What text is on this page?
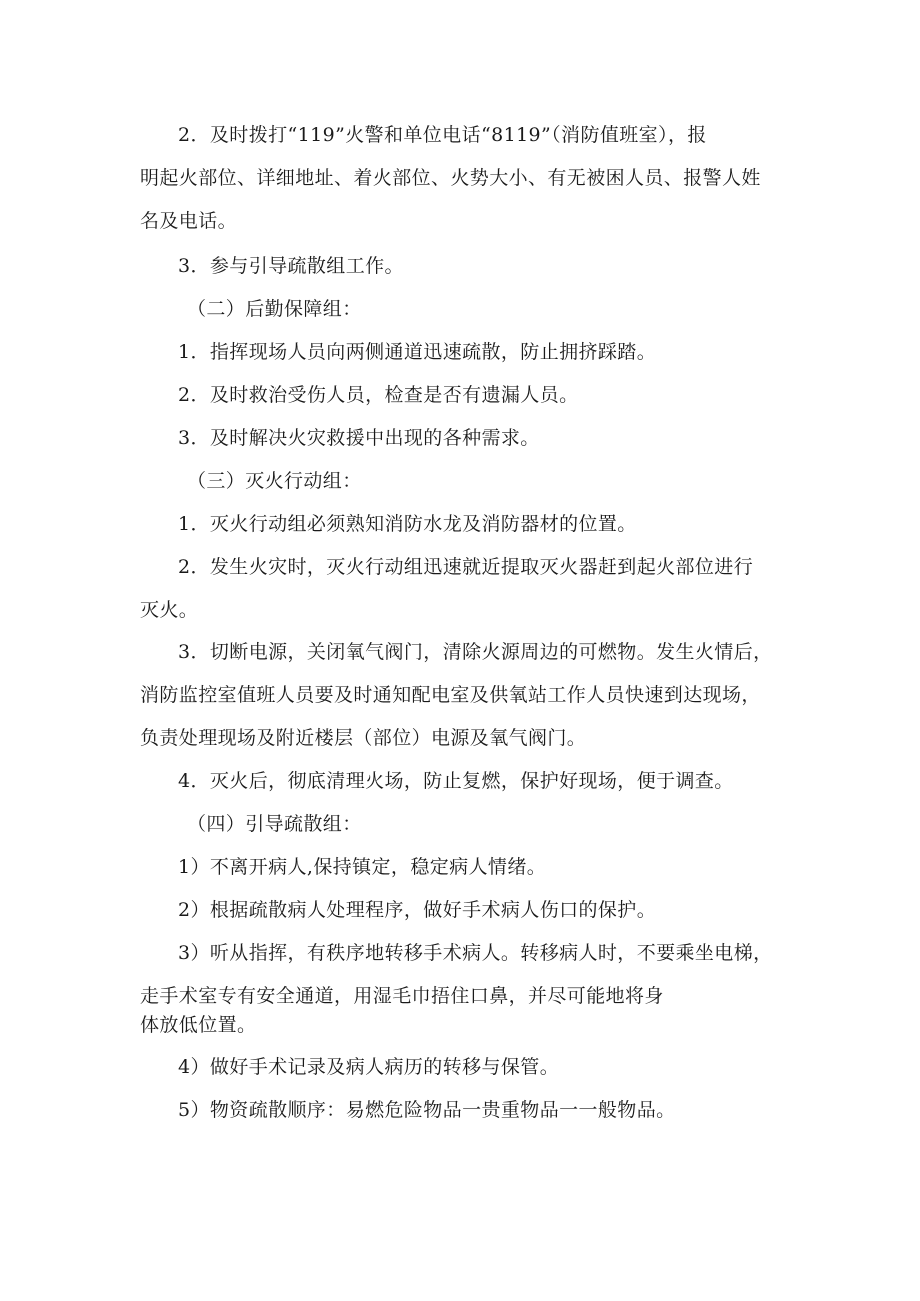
2．及时拨打“119”火警和单位电话“8119”（消防值班室），报
明起火部位、详细地址、着火部位、火势大小、有无被困人员、报警人姓
名及电话。
3．参与引导疏散组工作。
（二）后勤保障组：
1．指挥现场人员向两侧通道迅速疏散，防止拥挤踩踏。
2．及时救治受伤人员，检查是否有遗漏人员。
3．及时解决火灾救援中出现的各种需求。
（三）灭火行动组：
1．灭火行动组必须熟知消防水龙及消防器材的位置。
2．发生火灾时，灭火行动组迅速就近提取灭火器赶到起火部位进行
灭火。
3．切断电源，关闭氧气阀门，清除火源周边的可燃物。发生火情后，
消防监控室值班人员要及时通知配电室及供氧站工作人员快速到达现场，
负责处理现场及附近楼层（部位）电源及氧气阀门。
4．灭火后，彻底清理火场，防止复燃，保护好现场，便于调查。
（四）引导疏散组：
1）不离开病人,保持镇定，稳定病人情绪。
2）根据疏散病人处理程序，做好手术病人伤口的保护。
3）听从指挥，有秩序地转移手术病人。转移病人时，不要乘坐电梯，
走手术室专有安全通道，用湿毛巾捂住口鼻，并尽可能地将身
体放低位置。
4）做好手术记录及病人病历的转移与保管。
5）物资疏散顺序：易燃危险物品一贵重物品一一般物品。
